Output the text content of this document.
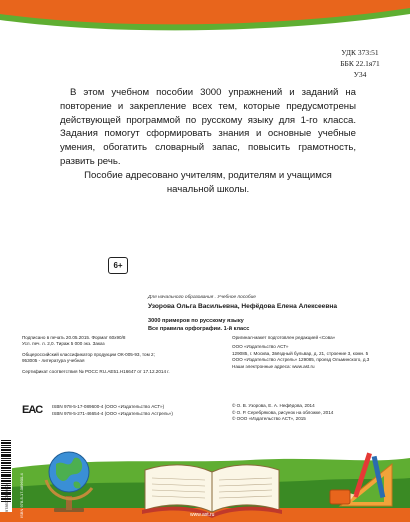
УДК 373:51
ББК 22.1я71
У34

В этом учебном пособии 3000 упражнений и заданий на повторение и закрепление всех тем, которые предусмотрены действующей программой по русскому языку для 1-го класса. Задания помогут сформировать знания и основные учебные умения, обогатить словарный запас, повысить грамотность, развить речь.

Пособие адресовано учителям, родителям и учащимся начальной школы.

6+
Для начального образования . Учебное пособие
Узорова Ольга Васильевна, Нефёдова Елена Алексеевна
3000 примеров по русскому языку
Все правила орфографии. 1-й класс
Подписано в печать 20.05.2015. Формат 60x90/8
Усл. печ. л. 2,0. Тираж 5 000 экз. Заказ
Общероссийский классификатор продукции ОК-005-93, том 2;
953005 - литература учебная
Сертификат соответствия № РОСС RU.AE51.Н16647 от 17.12.2014 г.
Оригинал-макет подготовлен редакцией «Сова»
ООО «Издательство АСТ»
129085, г. Москва, Звёздный бульвар, д. 21, строение 3, комн. 5
ООО «Издательство Астрель» 129085, проезд Ольминского, д.3
Наши электронные адреса: www.ast.ru
EAC ISBN 978-5-17-089600-4 (ООО «Издательство АСТ»)
ISBN 978-5-271-46654-4 (ООО «Издательство Астрель»)
© О. В. Узорова, Е. А. Нефёдова, 2014
© О. Р. Серебрякова, рисунок на обложке, 2014
© ООО «Издательство АСТ», 2015
9785170896004	ISBN 978-5-17-089600-4	www.ast.ru
